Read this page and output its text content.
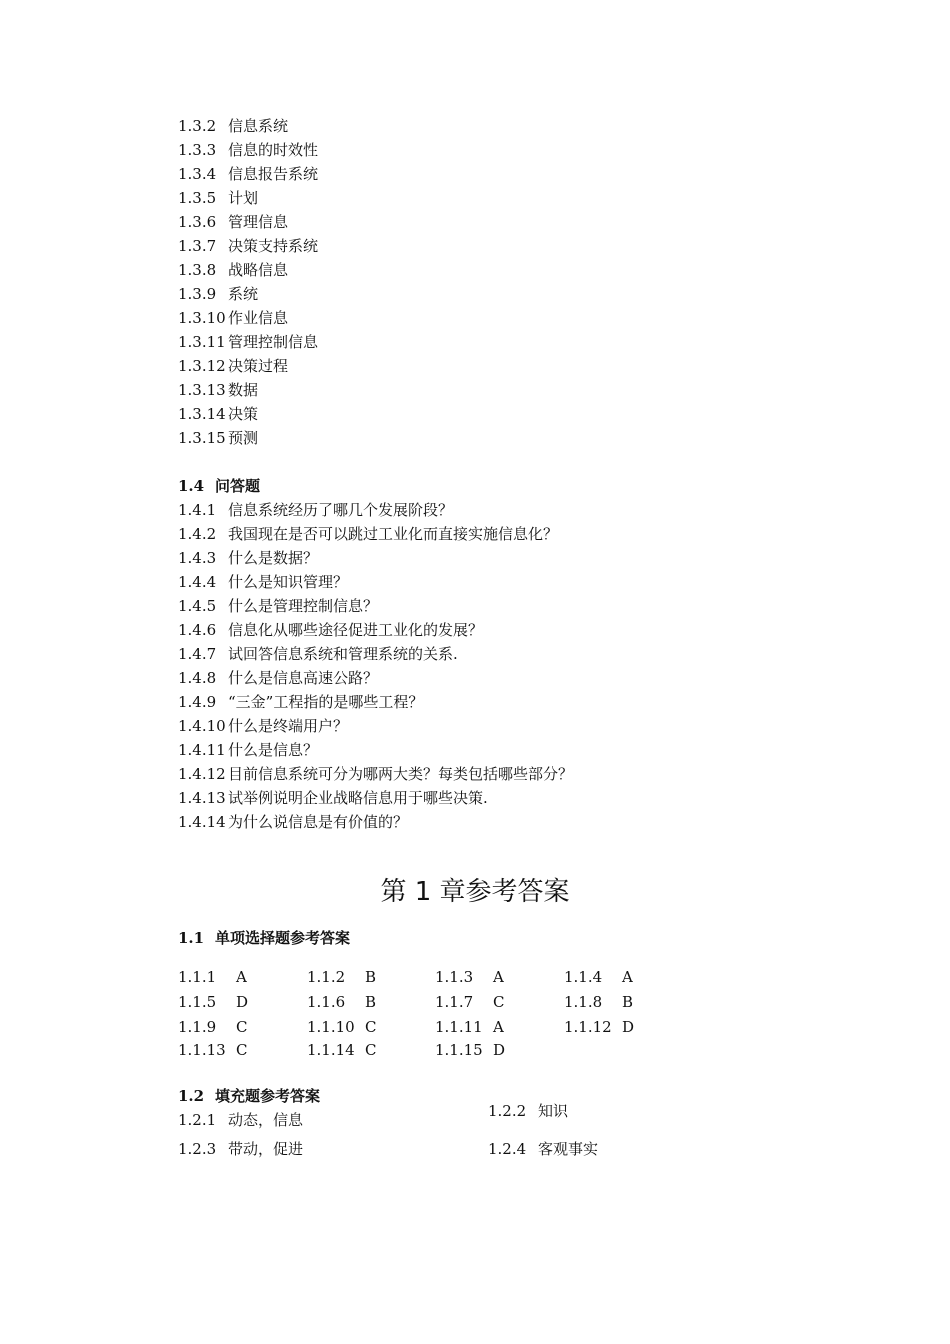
1.3.2 信息系统
1.3.3 信息的时效性
1.3.4 信息报告系统
1.3.5 计划
1.3.6 管理信息
1.3.7 决策支持系统
1.3.8 战略信息
1.3.9 系统
1.3.10 作业信息
1.3.11 管理控制信息
1.3.12 决策过程
1.3.13 数据
1.3.14 决策
1.3.15 预测
1.4 问答题
1.4.1 信息系统经历了哪几个发展阶段？
1.4.2 我国现在是否可以跳过工业化而直接实施信息化？
1.4.3 什么是数据？
1.4.4 什么是知识管理？
1.4.5 什么是管理控制信息？
1.4.6 信息化从哪些途径促进工业化的发展？
1.4.7 试回答信息系统和管理系统的关系.
1.4.8 什么是信息高速公路？
1.4.9 “三金”工程指的是哪些工程？
1.4.10 什么是终端用户？
1.4.11 什么是信息？
1.4.12 目前信息系统可分为哪两大类？每类包括哪些部分？
1.4.13 试举例说明企业战略信息用于哪些决策.
1.4.14 为什么说信息是有价值的？
第 1 章参考答案
1.1 单项选择题参考答案
1.1.1 A	1.1.2 B	1.1.3 A	1.1.4 A
1.1.5 D	1.1.6 B	1.1.7 C	1.1.8 B
1.1.9 C	1.1.10 C	1.1.11 A	1.1.12 D
1.1.13 C	1.1.14 C	1.1.15 D
1.2 填充题参考答案
1.2.1 动态，信息	1.2.2 知识
1.2.3 带动，促进	1.2.4 客观事实
